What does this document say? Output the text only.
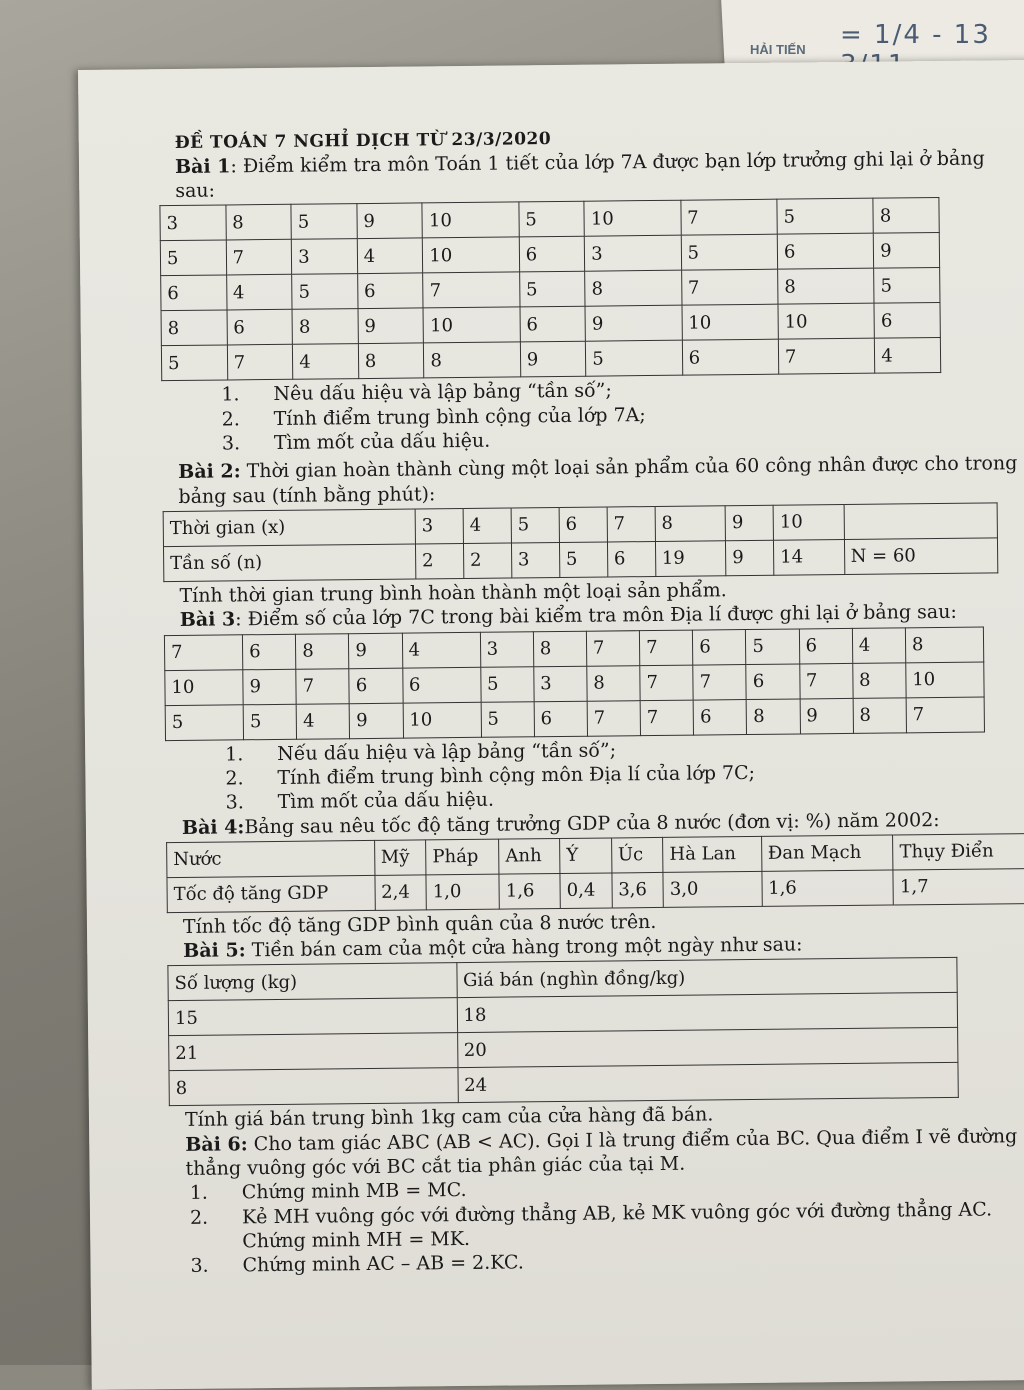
HẢI TIẾN = 1/4 - 13
ĐỀ TOÁN 7 NGHỈ DỊCH TỪ 23/3/2020

Bài 1: Điểm kiểm tra môn Toán 1 tiết của lớp 7A được bạn lớp trưởng ghi lại ở bảng sau:

3	8	5	9	10	5	10	7	5	8
5	7	3	4	10	6	3	5	6	9
6	4	5	6	7	5	8	7	8	5
8	6	8	9	10	6	9	10	10	6
5	7	4	8	8	9	5	6	7	4
1. Nêu dấu hiệu và lập bảng “tần số”;
2. Tính điểm trung bình cộng của lớp 7A;
3. Tìm mốt của dấu hiệu.

Bài 2: Thời gian hoàn thành cùng một loại sản phẩm của 60 công nhân được cho trong bảng sau (tính bằng phút):

Thời gian (x)	3	4	5	6	7	8	9	10	
Tần số (n)	2	2	3	5	6	19	9	14	N = 60

Tính thời gian trung bình hoàn thành một loại sản phẩm.

Bài 3: Điểm số của lớp 7C trong bài kiểm tra môn Địa lí được ghi lại ở bảng sau:

7	6	8	9	4	3	8	7	7	6	5	6	4	8
10	9	7	6	6	5	3	8	7	7	6	7	8	10
5	5	4	9	10	5	6	7	7	6	8	9	8	7
1. Nếu dấu hiệu và lập bảng “tần số”;
2. Tính điểm trung bình cộng môn Địa lí của lớp 7C;
3. Tìm mốt của dấu hiệu.

Bài 4:Bảng sau nêu tốc độ tăng trưởng GDP của 8 nước (đơn vị: %) năm 2002:

Nước	Mỹ	Pháp	Anh	Ý	Úc	Hà Lan	Đan Mạch	Thụy Điển
Tốc độ tăng GDP	2,4	1,0	1,6	0,4	3,6	3,0	1,6	1,7

Tính tốc độ tăng GDP bình quân của 8 nước trên.

Bài 5: Tiền bán cam của một cửa hàng trong một ngày như sau:

Số lượng (kg)	Giá bán (nghìn đồng/kg)
15	18
21	20
8	24

Tính giá bán trung bình 1kg cam của cửa hàng đã bán.

Bài 6: Cho tam giác ABC (AB < AC). Gọi I là trung điểm của BC. Qua điểm I vẽ đường thẳng vuông góc với BC cắt tia phân giác của tại M.

1. Chứng minh MB = MC.
2. Kẻ MH vuông góc với đường thẳng AB, kẻ MK vuông góc với đường thẳng AC. Chứng minh MH = MK.
3. Chứng minh AC – AB = 2.KC.
